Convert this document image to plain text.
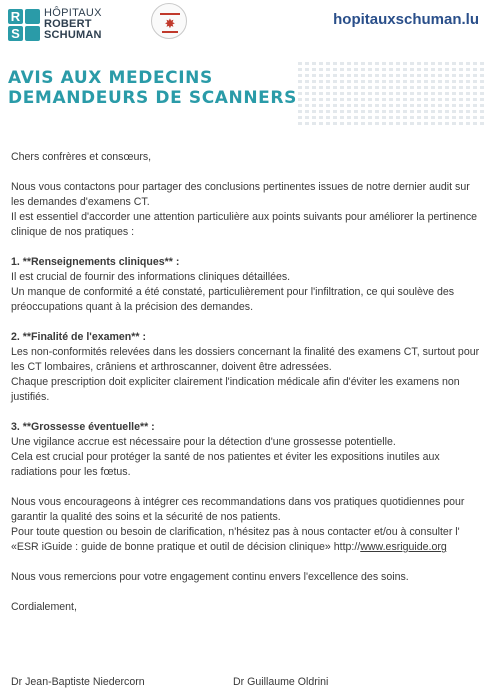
R
S
HÔPITAUX
ROBERT
SCHUMAN
✸	hopitauxschuman.lu
AVIS AUX MEDECINS
DEMANDEURS DE SCANNERS

Chers confrères et consœurs,

Nous vous contactons pour partager des conclusions pertinentes issues de notre dernier audit sur les demandes d'examens CT.

Il est essentiel d'accorder une attention particulière aux points suivants pour améliorer la pertinence clinique de nos pratiques :

1. **Renseignements cliniques** :

Il est crucial de fournir des informations cliniques détaillées.

Un manque de conformité a été constaté, particulièrement pour l'infiltration, ce qui soulève des préoccupations quant à la précision des demandes.

2. **Finalité de l'examen** :

Les non-conformités relevées dans les dossiers concernant la finalité des examens CT, surtout pour les CT lombaires, crâniens et arthroscanner, doivent être adressées.

Chaque prescription doit expliciter clairement l'indication médicale afin d'éviter les examens non justifiés.

3. **Grossesse éventuelle** :

Une vigilance accrue est nécessaire pour la détection d'une grossesse potentielle.

Cela est crucial pour protéger la santé de nos patientes et éviter les expositions inutiles aux radiations pour les fœtus.

Nous vous encourageons à intégrer ces recommandations dans vos pratiques quotidiennes pour garantir la qualité des soins et la sécurité de nos patients.

Pour toute question ou besoin de clarification, n'hésitez pas à nous contacter et/ou à consulter l' «ESR iGuide : guide de bonne pratique et outil de décision clinique» http://www.esriguide.org

Nous vous remercions pour votre engagement continu envers l'excellence des soins.

Cordialement,

Dr Jean-Baptiste Niedercorn	Dr Guillaume Oldrini
